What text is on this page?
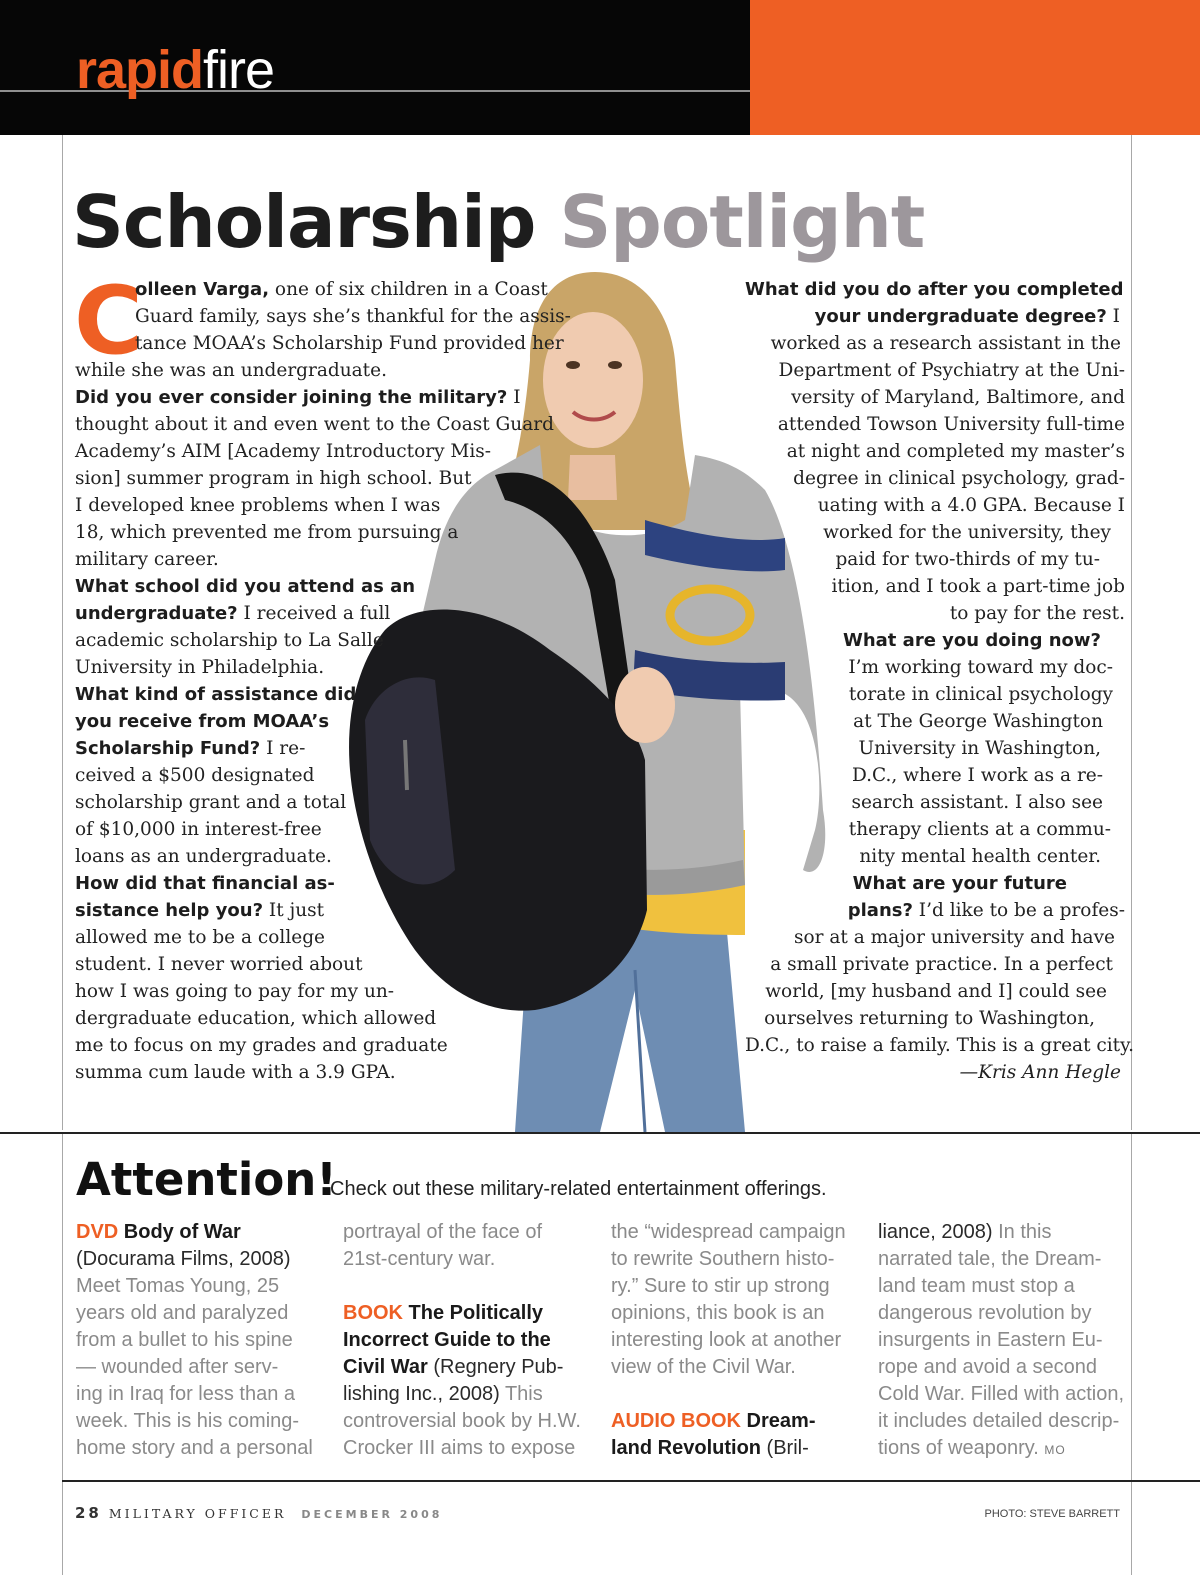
rapidfire
Scholarship Spotlight
C

olleen Varga, one of six children in a Coast

Guard family, says she’s thankful for the assis-

tance MOAA’s Scholarship Fund provided her

while she was an undergraduate.

Did you ever consider joining the military? I

thought about it and even went to the Coast Guard

Academy’s AIM [Academy Introductory Mis-

sion] summer program in high school. But

I developed knee problems when I was

18, which prevented me from pursuing a

military career.

What school did you attend as an

undergraduate? I received a full

academic scholarship to La Salle

University in Philadelphia.

What kind of assistance did

you receive from MOAA’s

Scholarship Fund? I re-

ceived a $500 designated

scholarship grant and a total

of $10,000 in interest-free

loans as an undergraduate.

How did that financial as-

sistance help you? It just

allowed me to be a college

student. I never worried about

how I was going to pay for my un-

dergraduate education, which allowed

me to focus on my grades and graduate

summa cum laude with a 3.9 GPA.

What did you do after you completed

your undergraduate degree? I

worked as a research assistant in the

Department of Psychiatry at the Uni-

versity of Maryland, Baltimore, and

attended Towson University full-time

at night and completed my master’s

degree in clinical psychology, grad-

uating with a 4.0 GPA. Because I

worked for the university, they

paid for two-thirds of my tu-

ition, and I took a part-time job

to pay for the rest.

What are you doing now?

I’m working toward my doc-

torate in clinical psychology

at The George Washington

University in Washington,

D.C., where I work as a re-

search assistant. I also see

therapy clients at a commu-

nity mental health center.

What are your future

plans? I’d like to be a profes-

sor at a major university and have

a small private practice. In a perfect

world, [my husband and I] could see

ourselves returning to Washington,

D.C., to raise a family. This is a great city.

—Kris Ann Hegle

Attention!
Check out these military-related entertainment offerings.

DVD Body of War

(Docurama Films, 2008)

Meet Tomas Young, 25

years old and paralyzed

from a bullet to his spine

— wounded after serv-

ing in Iraq for less than a

week. This is his coming-

home story and a personal

portrayal of the face of

21st-century war.

BOOK The Politically

Incorrect Guide to the

Civil War (Regnery Pub-

lishing Inc., 2008) This

controversial book by H.W.

Crocker III aims to expose

the “widespread campaign

to rewrite Southern histo-

ry.” Sure to stir up strong

opinions, this book is an

interesting look at another

view of the Civil War.

AUDIO BOOK Dream-

land Revolution (Bril-

liance, 2008) In this

narrated tale, the Dream-

land team must stop a

dangerous revolution by

insurgents in Eastern Eu-

rope and avoid a second

Cold War. Filled with action,

it includes detailed descrip-

tions of weaponry. MO

28 MILITARY OFFICER DECEMBER 2008	PHOTO: STEVE BARRETT
